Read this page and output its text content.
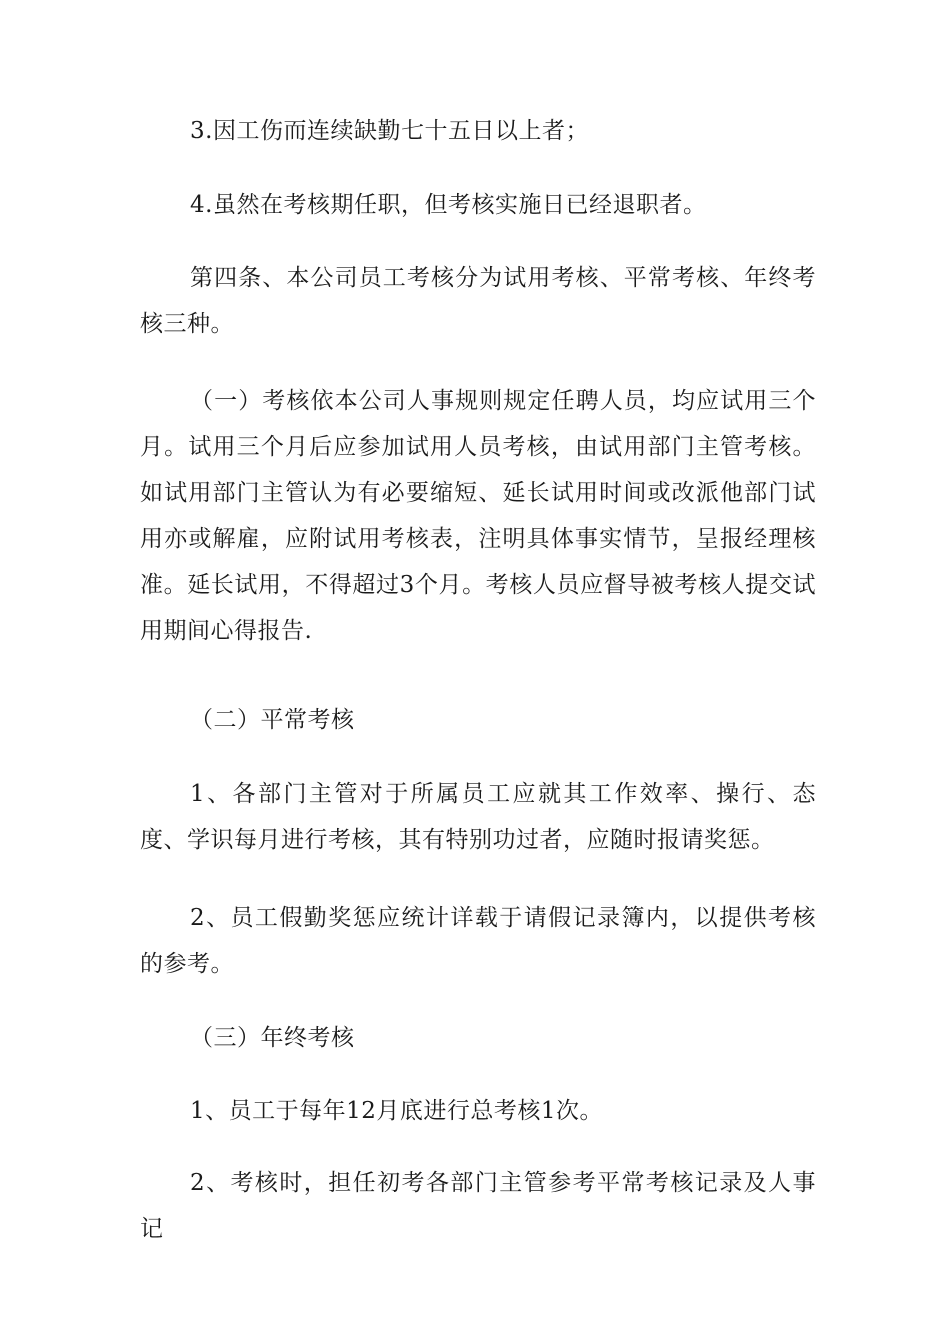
3.因工伤而连续缺勤七十五日以上者；

4.虽然在考核期任职，但考核实施日已经退职者。

第四条、本公司员工考核分为试用考核、平常考核、年终考核三种。

（一）考核依本公司人事规则规定任聘人员，均应试用三个月。试用三个月后应参加试用人员考核，由试用部门主管考核。如试用部门主管认为有必要缩短、延长试用时间或改派他部门试用亦或解雇，应附试用考核表，注明具体事实情节，呈报经理核准。延长试用，不得超过3个月。考核人员应督导被考核人提交试用期间心得报告.

（二）平常考核

1、各部门主管对于所属员工应就其工作效率、操行、态度、学识每月进行考核，其有特别功过者，应随时报请奖惩。

2、员工假勤奖惩应统计详载于请假记录簿内，以提供考核的参考。

（三）年终考核

1、员工于每年12月底进行总考核1次。

2、考核时，担任初考各部门主管参考平常考核记录及人事记
